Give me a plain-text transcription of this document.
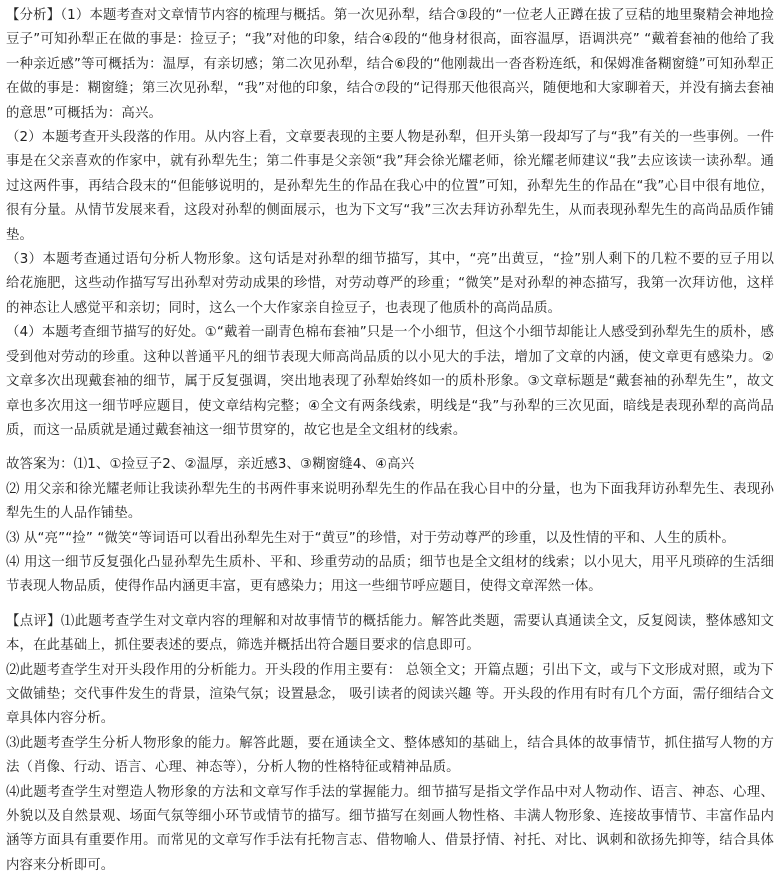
【分析】（1）本题考查对文章情节内容的梳理与概括。第一次见孙犁，结合③段的“一位老人正蹲在拔了豆秸的地里聚精会神地捡豆子”可知孙犁正在做的事是：捡豆子；“我”对他的印象，结合④段的“他身材很高，面容温厚，语调洪亮” “戴着套袖的他给了我一种亲近感”等可概括为：温厚，有亲切感；第二次见孙犁，结合⑥段的“他刚裁出一沓沓粉连纸，和保姆准备糊窗缝”可知孙犁正在做的事是：糊窗缝；第三次见孙犁，“我”对他的印象，结合⑦段的“记得那天他很高兴，随便地和大家聊着天，并没有摘去套袖的意思”可概括为：高兴。

（2）本题考查开头段落的作用。从内容上看，文章要表现的主要人物是孙犁，但开头第一段却写了与“我”有关的一些事例。一件事是在父亲喜欢的作家中，就有孙犁先生；第二件事是父亲领“我”拜会徐光耀老师，徐光耀老师建议“我”去应该读一读孙犁。通过这两件事，再结合段末的“但能够说明的，是孙犁先生的作品在我心中的位置”可知，孙犁先生的作品在“我”心目中很有地位，很有分量。从情节发展来看，这段对孙犁的侧面展示，也为下文写“我”三次去拜访孙犁先生，从而表现孙犁先生的高尚品质作铺垫。

（3）本题考查通过语句分析人物形象。这句话是对孙犁的细节描写，其中，“亮”出黄豆，“捡”别人剩下的几粒不要的豆子用以给花施肥，这些动作描写写出孙犁对劳动成果的珍惜，对劳动尊严的珍重；“微笑”是对孙犁的神态描写，我第一次拜访他，这样的神态让人感觉平和亲切；同时，这么一个大作家亲自捡豆子，也表现了他质朴的高尚品质。

（4）本题考查细节描写的好处。①“戴着一副青色棉布套袖”只是一个小细节，但这个小细节却能让人感受到孙犁先生的质朴，感受到他对劳动的珍重。这种以普通平凡的细节表现大师高尚品质的以小见大的手法，增加了文章的内涵，使文章更有感染力。②文章多次出现戴套袖的细节，属于反复强调，突出地表现了孙犁始终如一的质朴形象。③文章标题是“戴套袖的孙犁先生”，故文章也多次用这一细节呼应题目，使文章结构完整；④全文有两条线索，明线是“我”与孙犁的三次见面，暗线是表现孙犁的高尚品质，而这一品质就是通过戴套袖这一细节贯穿的，故它也是全文组材的线索。

故答案为：⑴1、①捡豆子2、②温厚，亲近感3、③糊窗缝4、④高兴

⑵ 用父亲和徐光耀老师让我读孙犁先生的书两件事来说明孙犁先生的作品在我心目中的分量，也为下面我拜访孙犁先生、表现孙犁先生的人品作铺垫。

⑶ 从“亮”“捡” “微笑“等词语可以看出孙犁先生对于“黄豆”的珍惜，对于劳动尊严的珍重，以及性情的平和、人生的质朴。

⑷ 用这一细节反复强化凸显孙犁先生质朴、平和、珍重劳动的品质；细节也是全文组材的线索；以小见大，用平凡琐碎的生活细节表现人物品质，使得作品内涵更丰富，更有感染力；用这一些细节呼应题目，使得文章浑然一体。

【点评】⑴此题考查学生对文章内容的理解和对故事情节的概括能力。解答此类题，需要认真通读全文，反复阅读，整体感知文本，在此基础上，抓住要表述的要点，筛选并概括出符合题目要求的信息即可。

⑵此题考查学生对开头段作用的分析能力。开头段的作用主要有： 总领全文；开篇点题；引出下文，或与下文形成对照，或为下文做铺垫；交代事件发生的背景，渲染气氛；设置悬念， 吸引读者的阅读兴趣 等。开头段的作用有时有几个方面，需仔细结合文章具体内容分析。

⑶此题考查学生分析人物形象的能力。解答此题，要在通读全文、整体感知的基础上，结合具体的故事情节，抓住描写人物的方法（肖像、行动、语言、心理、神态等），分析人物的性格特征或精神品质。

⑷此题考查学生对塑造人物形象的方法和文章写作手法的掌握能力。细节描写是指文学作品中对人物动作、语言、神态、心理、外貌以及自然景观、场面气氛等细小环节或情节的描写。细节描写在刻画人物性格、丰满人物形象、连接故事情节、丰富作品内涵等方面具有重要作用。而常见的文章写作手法有托物言志、借物喻人、借景抒情、衬托、对比、讽刺和欲扬先抑等，结合具体内容来分析即可。
